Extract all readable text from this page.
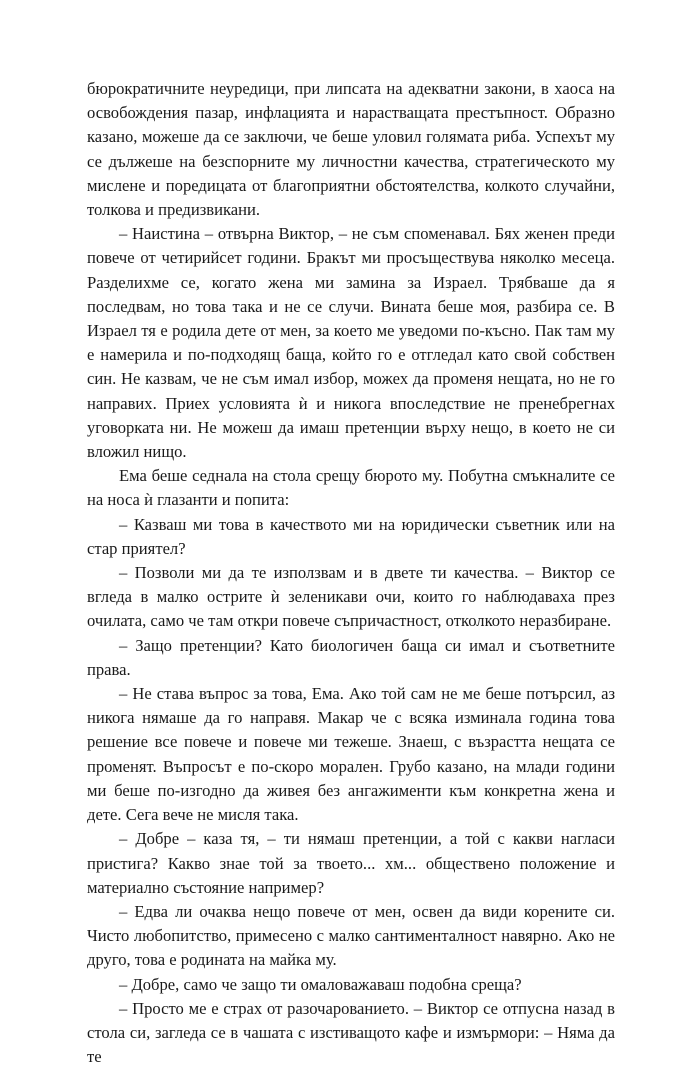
бюрократичните неуредици, при липсата на адекватни закони, в хаоса на освобождения пазар, инфлацията и нарастващата престъпност. Образно казано, можеше да се заключи, че беше уловил голямата риба. Успехът му се дължеше на безспорните му личностни качества, стратегическото му мислене и поредицата от благоприятни обстоятелства, колкото случайни, толкова и предизвикани.

– Наистина – отвърна Виктор, – не съм споменавал. Бях женен преди повече от четирийсет години. Бракът ми просъществува няколко месеца. Разделихме се, когато жена ми замина за Израел. Трябваше да я последвам, но това така и не се случи. Вината беше моя, разбира се. В Израел тя е родила дете от мен, за което ме уведоми по-късно. Пак там му е намерила и по-подходящ баща, който го е отгледал като свой собствен син. Не казвам, че не съм имал избор, можех да променя нещата, но не го направих. Приех условията ѝ и никога впоследствие не пренебрегнах уговорката ни. Не можеш да имаш претенции върху нещо, в което не си вложил нищо.

Ема беше седнала на стола срещу бюрото му. Побутна смъкналите се на носа ѝ глазанти и попита:

– Казваш ми това в качеството ми на юридически съветник или на стар приятел?

– Позволи ми да те използвам и в двете ти качества. – Виктор се вгледа в малко острите ѝ зеленикави очи, които го наблюдаваха през очилата, само че там откри повече съпричастност, отколкото неразбиране.

– Защо претенции? Като биологичен баща си имал и съответните права.

– Не става въпрос за това, Ема. Ако той сам не ме беше потърсил, аз никога нямаше да го направя. Макар че с всяка изминала година това решение все повече и повече ми тежеше. Знаеш, с възрастта нещата се променят. Въпросът е по-скоро морален. Грубо казано, на млади години ми беше по-изгодно да живея без ангажименти към конкретна жена и дете. Сега вече не мисля така.

– Добре – каза тя, – ти нямаш претенции, а той с какви нагласи пристига? Какво знае той за твоето... хм... обществено положение и материално състояние например?

– Едва ли очаква нещо повече от мен, освен да види корените си. Чисто любопитство, примесено с малко сантименталност навярно. Ако не друго, това е родината на майка му.

– Добре, само че защо ти омаловажаваш подобна среща?

– Просто ме е страх от разочарованието. – Виктор се отпусна назад в стола си, загледа се в чашата с изстиващото кафе и измърмори: – Няма да те
